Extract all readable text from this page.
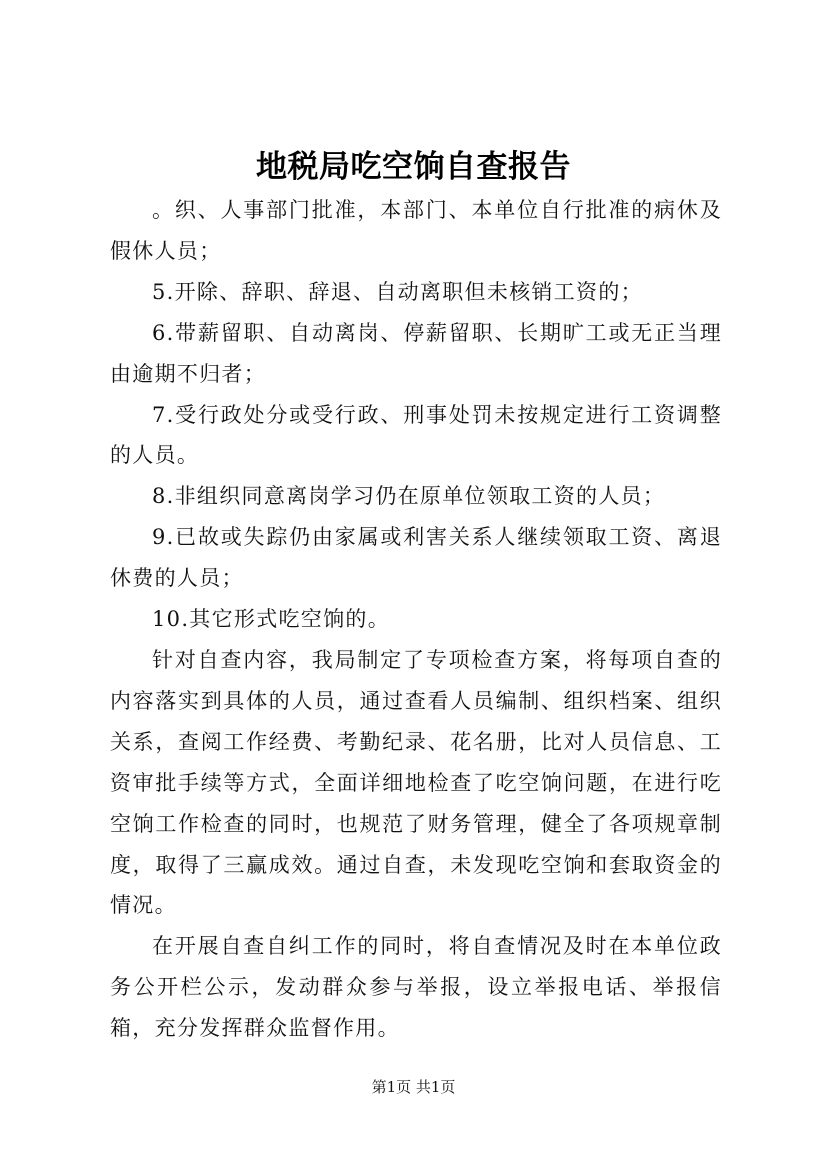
地税局吃空饷自查报告

。织、人事部门批准，本部门、本单位自行批准的病休及假休人员；

5.开除、辞职、辞退、自动离职但未核销工资的；

6.带薪留职、自动离岗、停薪留职、长期旷工或无正当理由逾期不归者；

7.受行政处分或受行政、刑事处罚未按规定进行工资调整的人员。

8.非组织同意离岗学习仍在原单位领取工资的人员；

9.已故或失踪仍由家属或利害关系人继续领取工资、离退休费的人员；

10.其它形式吃空饷的。

针对自查内容，我局制定了专项检查方案，将每项自查的内容落实到具体的人员，通过查看人员编制、组织档案、组织关系，查阅工作经费、考勤纪录、花名册，比对人员信息、工资审批手续等方式，全面详细地检查了吃空饷问题，在进行吃空饷工作检查的同时，也规范了财务管理，健全了各项规章制度，取得了三赢成效。通过自查，未发现吃空饷和套取资金的情况。

在开展自查自纠工作的同时，将自查情况及时在本单位政务公开栏公示，发动群众参与举报，设立举报电话、举报信箱，充分发挥群众监督作用。

第1页 共1页
